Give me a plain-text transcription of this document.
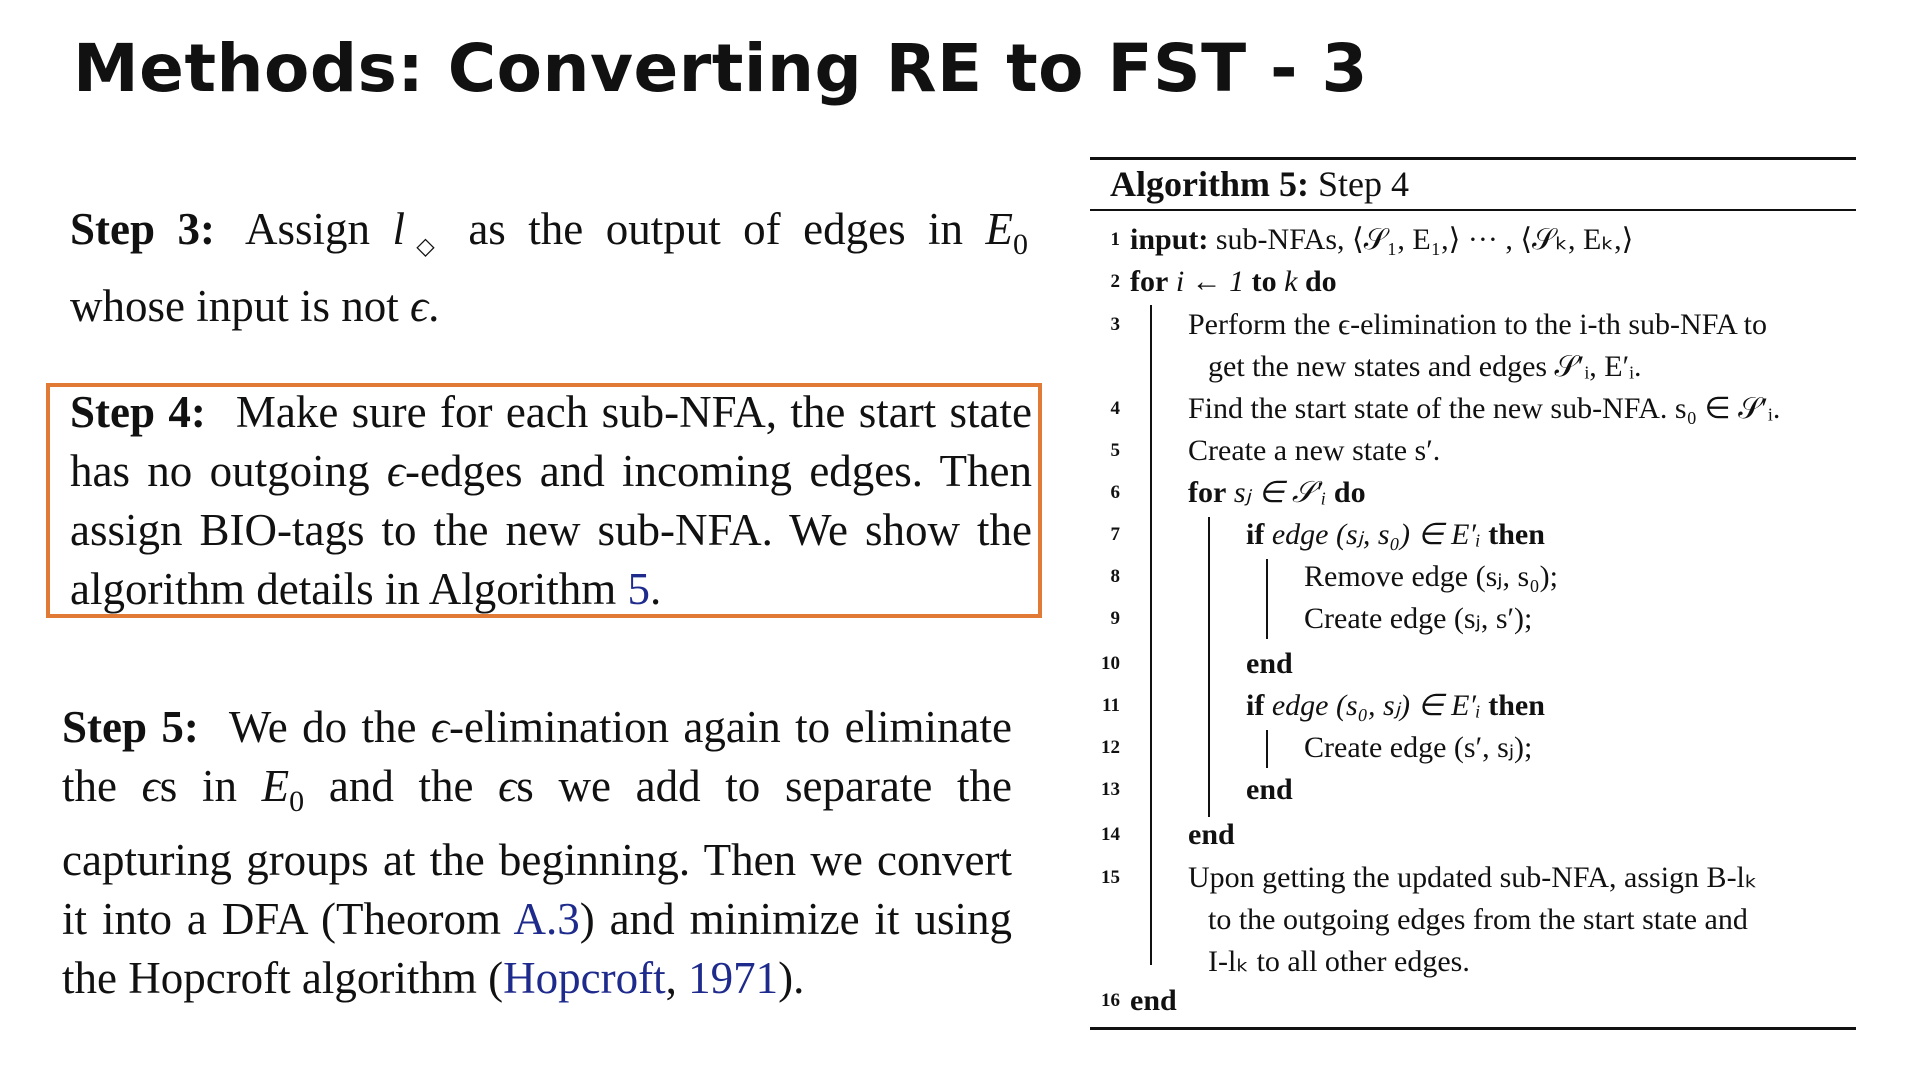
Methods: Converting RE to FST - 3
Step 3: Assign $l_◇$ as the output of edges in $E_0$ whose input is not ϵ.
Step 4: Make sure for each sub-NFA, the start state has no outgoing ϵ-edges and incoming edges. Then assign BIO-tags to the new sub-NFA. We show the algorithm details in Algorithm 5.
Step 5: We do the ϵ-elimination again to eliminate the ϵs in $E_0$ and the ϵs we add to separate the capturing groups at the beginning. Then we convert it into a DFA (Theorom A.3) and minimize it using the Hopcroft algorithm (Hopcroft, 1971).
Algorithm 5: Step 4
1 input: sub-NFAs, ⟨𝒮₁, E₁,⟩ ··· , ⟨𝒮ₖ, Eₖ,⟩
2 for i ← 1 to k do
3 Perform the ϵ-elimination to the i-th sub-NFA to
get the new states and edges 𝒮′ᵢ, E′ᵢ.
4 Find the start state of the new sub-NFA. s₀ ∈ 𝒮′ᵢ.
5 Create a new state s′.
6 for sⱼ ∈ 𝒮′ᵢ do
7	if edge (sⱼ, s₀) ∈ E′ᵢ then
8	Remove edge (sⱼ, s₀);
9	Create edge (sⱼ, s′);
10	end
11	if edge (s₀, sⱼ) ∈ E′ᵢ then
12	Create edge (s′, sⱼ);
13	end
14 end
15 Upon getting the updated sub-NFA, assign B-lₖ
to the outgoing edges from the start state and
I-lₖ to all other edges.
16 end
